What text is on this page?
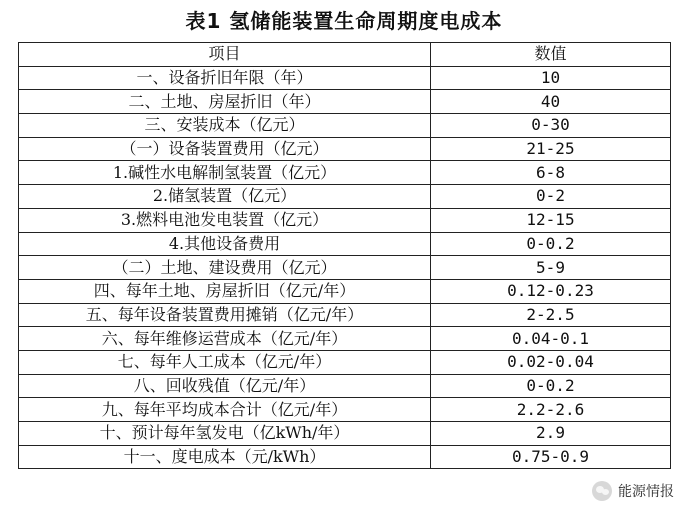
表1 氢储能装置生命周期度电成本
项目	数值
一、设备折旧年限（年）	10
二、土地、房屋折旧（年）	40
三、安装成本（亿元）	0-30
（一）设备装置费用（亿元）	21-25
1.碱性水电解制氢装置（亿元）	6-8
2.储氢装置（亿元）	0-2
3.燃料电池发电装置（亿元）	12-15
4.其他设备费用	0-0.2
（二）土地、建设费用（亿元）	5-9
四、每年土地、房屋折旧（亿元/年）	0.12-0.23
五、每年设备装置费用摊销（亿元/年）	2-2.5
六、每年维修运营成本（亿元/年）	0.04-0.1
七、每年人工成本（亿元/年）	0.02-0.04
八、回收残值（亿元/年）	0-0.2
九、每年平均成本合计（亿元/年）	2.2-2.6
十、预计每年氢发电（亿kWh/年）	2.9
十一、度电成本（元/kWh）	0.75-0.9
能源情报
